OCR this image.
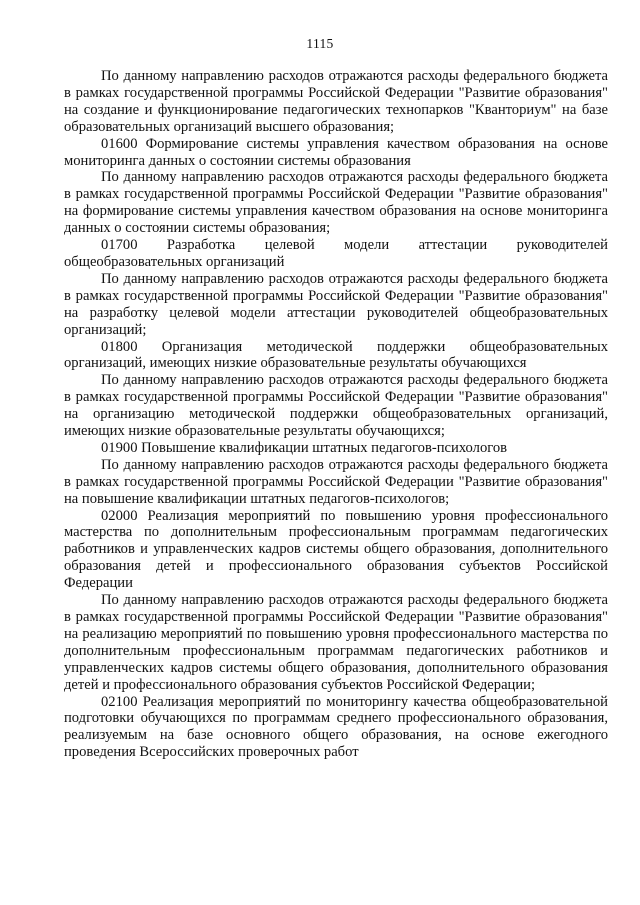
1115

По данному направлению расходов отражаются расходы федерального бюджета в рамках государственной программы Российской Федерации "Развитие образования" на создание и функционирование педагогических технопарков "Кванториум" на базе образовательных организаций высшего образования;

01600 Формирование системы управления качеством образования на основе мониторинга данных о состоянии системы образования

По данному направлению расходов отражаются расходы федерального бюджета в рамках государственной программы Российской Федерации "Развитие образования" на формирование системы управления качеством образования на основе мониторинга данных о состоянии системы образования;

01700 Разработка целевой модели аттестации руководителей общеобразовательных организаций

По данному направлению расходов отражаются расходы федерального бюджета в рамках государственной программы Российской Федерации "Развитие образования" на разработку целевой модели аттестации руководителей общеобразовательных организаций;

01800 Организация методической поддержки общеобразовательных организаций, имеющих низкие образовательные результаты обучающихся

По данному направлению расходов отражаются расходы федерального бюджета в рамках государственной программы Российской Федерации "Развитие образования" на организацию методической поддержки общеобразовательных организаций, имеющих низкие образовательные результаты обучающихся;

01900 Повышение квалификации штатных педагогов-психологов

По данному направлению расходов отражаются расходы федерального бюджета в рамках государственной программы Российской Федерации "Развитие образования" на повышение квалификации штатных педагогов-психологов;

02000 Реализация мероприятий по повышению уровня профессионального мастерства по дополнительным профессиональным программам педагогических работников и управленческих кадров системы общего образования, дополнительного образования детей и профессионального образования субъектов Российской Федерации

По данному направлению расходов отражаются расходы федерального бюджета в рамках государственной программы Российской Федерации "Развитие образования" на реализацию мероприятий по повышению уровня профессионального мастерства по дополнительным профессиональным программам педагогических работников и управленческих кадров системы общего образования, дополнительного образования детей и профессионального образования субъектов Российской Федерации;

02100 Реализация мероприятий по мониторингу качества общеобразовательной подготовки обучающихся по программам среднего профессионального образования, реализуемым на базе основного общего образования, на основе ежегодного проведения Всероссийских проверочных работ
